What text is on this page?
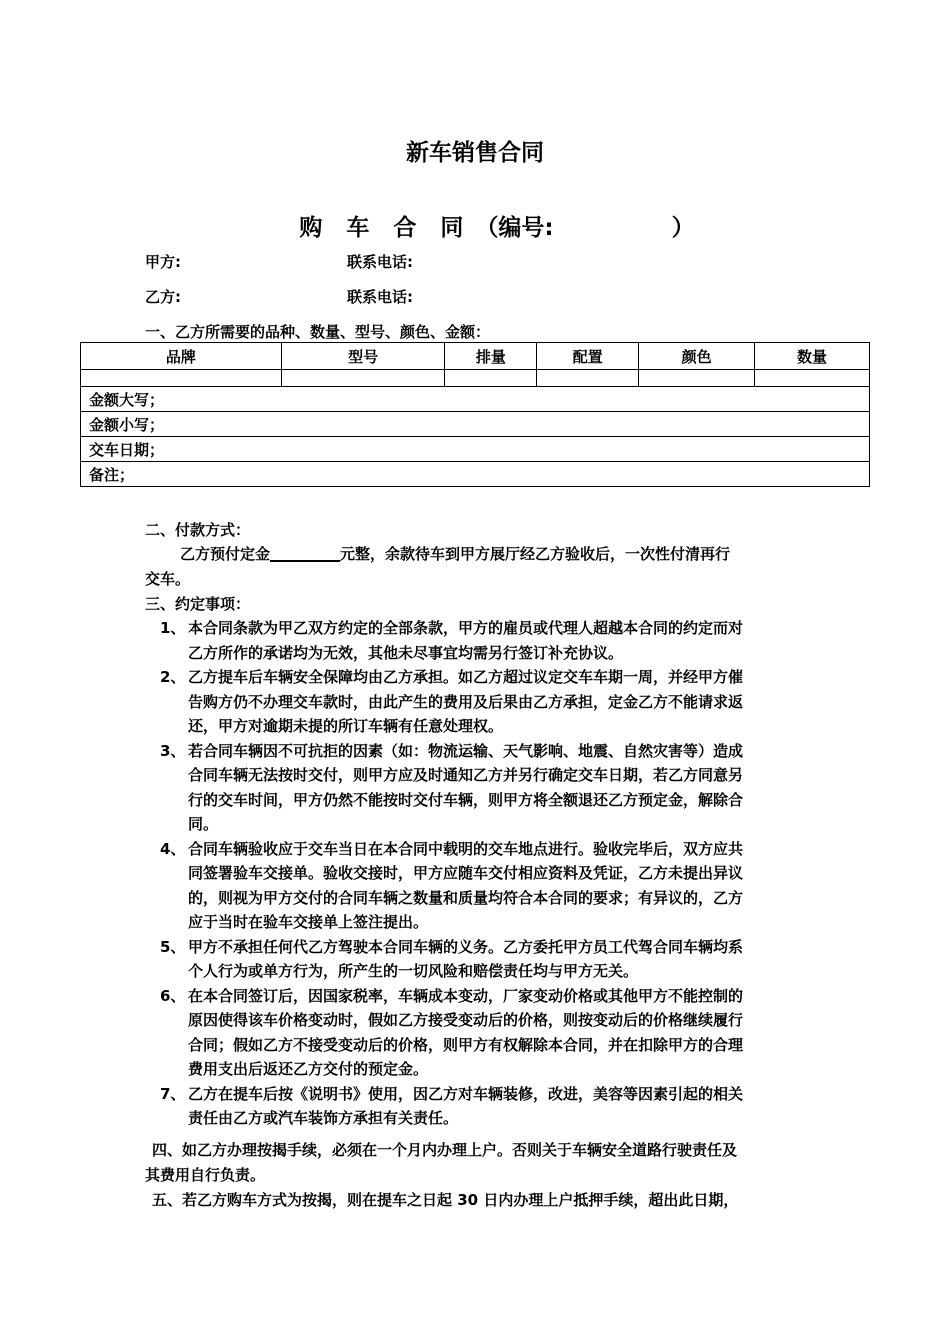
新车销售合同

购 车 合 同 （编号:	）

甲方:	联系电话:
乙方:	联系电话:
一、乙方所需要的品种、数量、型号、颜色、金额：
品牌	型号	排量	配置	颜色	数量

金额大写；					
金额小写；					
交车日期；					
备注；					
二、付款方式：
乙方预付定金	元整，余款待车到甲方展厅经乙方验收后，一次性付清再行
交车。
三、约定事项：
四、如乙方办理按揭手续，必须在一个月内办理上户。否则关于车辆安全道路行驶责任及
其费用自行负责。
五、若乙方购车方式为按揭，则在提车之日起 30 日内办理上户抵押手续，超出此日期，
1、 本合同条款为甲乙双方约定的全部条款，甲方的雇员或代理人超越本合同的约定而对
乙方所作的承诺均为无效，其他未尽事宜均需另行签订补充协议。
2、 乙方提车后车辆安全保障均由乙方承担。如乙方超过议定交车车期一周，并经甲方催
告购方仍不办理交车款时，由此产生的费用及后果由乙方承担，定金乙方不能请求返
还，甲方对逾期未提的所订车辆有任意处理权。
3、 若合同车辆因不可抗拒的因素（如：物流运输、天气影响、地震、自然灾害等）造成
合同车辆无法按时交付，则甲方应及时通知乙方并另行确定交车日期，若乙方同意另
行的交车时间，甲方仍然不能按时交付车辆，则甲方将全额退还乙方预定金，解除合
同。
4、 合同车辆验收应于交车当日在本合同中载明的交车地点进行。验收完毕后，双方应共
同签署验车交接单。验收交接时，甲方应随车交付相应资料及凭证，乙方未提出异议
的，则视为甲方交付的合同车辆之数量和质量均符合本合同的要求；有异议的，乙方
应于当时在验车交接单上签注提出。
5、 甲方不承担任何代乙方驾驶本合同车辆的义务。乙方委托甲方员工代驾合同车辆均系
个人行为或单方行为，所产生的一切风险和赔偿责任均与甲方无关。
6、 在本合同签订后，因国家税率，车辆成本变动，厂家变动价格或其他甲方不能控制的
原因使得该车价格变动时，假如乙方接受变动后的价格，则按变动后的价格继续履行
合同；假如乙方不接受变动后的价格，则甲方有权解除本合同，并在扣除甲方的合理
费用支出后返还乙方交付的预定金。
7、 乙方在提车后按《说明书》使用，因乙方对车辆装修，改进，美容等因素引起的相关
责任由乙方或汽车装饰方承担有关责任。
